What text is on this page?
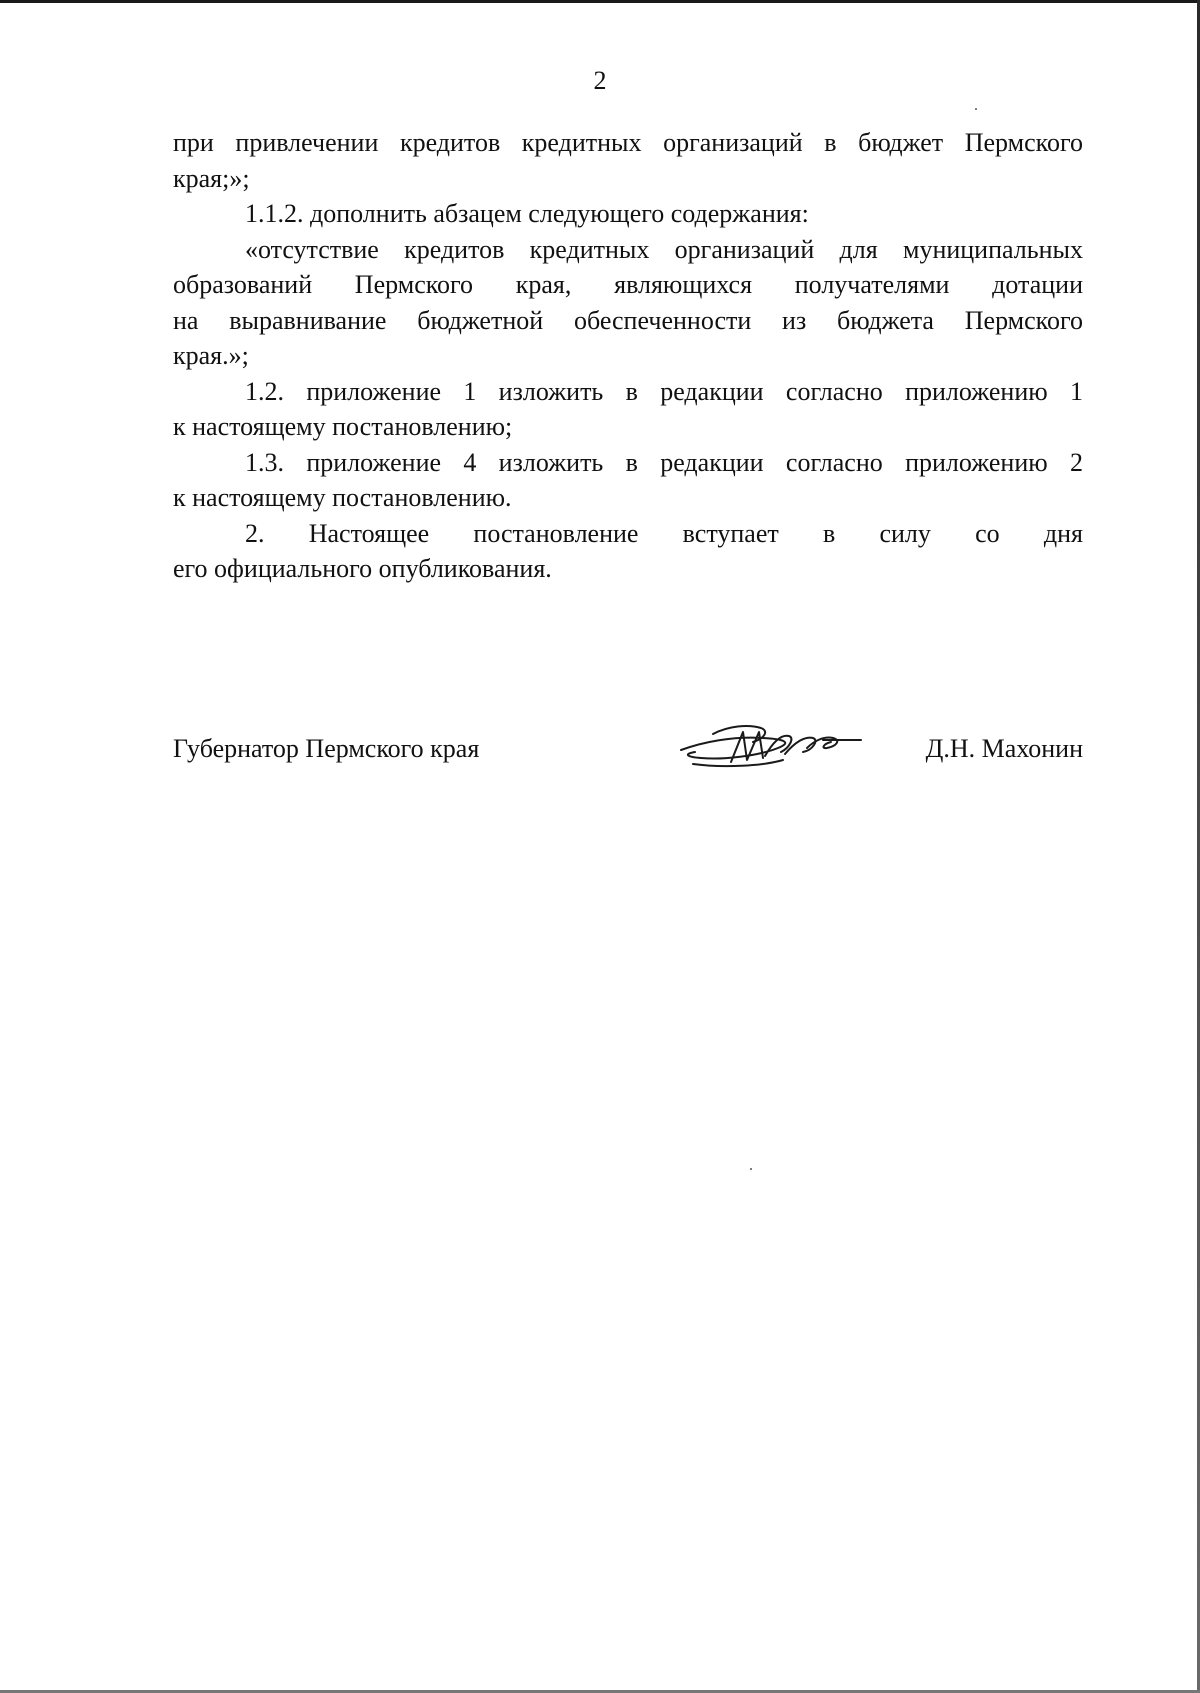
2

при привлечении кредитов кредитных организаций в бюджет Пермского
края;»;

1.1.2. дополнить абзацем следующего содержания:

«отсутствие кредитов кредитных организаций для муниципальных
образований Пермского края, являющихся получателями дотации
на выравнивание бюджетной обеспеченности из бюджета Пермского
края.»;

1.2. приложение 1 изложить в редакции согласно приложению 1
к настоящему постановлению;

1.3. приложение 4 изложить в редакции согласно приложению 2
к настоящему постановлению.

2. Настоящее постановление вступает в силу со дня
его официального опубликования.

Губернатор Пермского края	Д.Н. Махонин
